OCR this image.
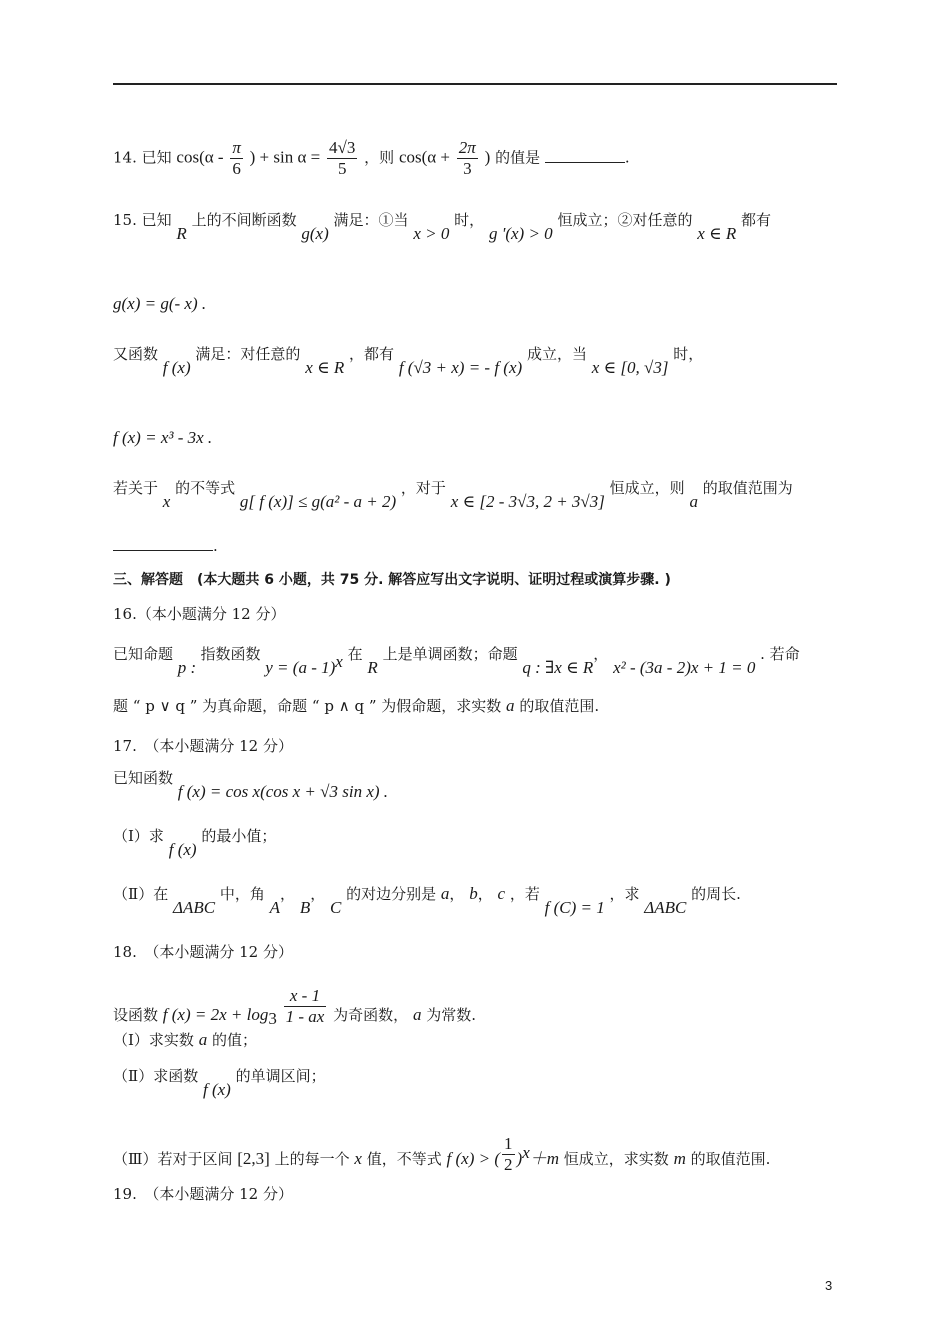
14. 已知 $\cos(\alpha - \frac{\pi}{6}$ ) + $\sin \alpha = \frac{4√3}{5}$ ，则 $\cos(\alpha + \frac{2\pi}{3}$ ) 的值是	.
15. 已知 R 上的不间断函数 g(x) 满足：①当 x > 0 时， g '(x) > 0 恒成立；②对任意的 x ∈ R 都有
g(x) = g(- x) .
又函数 f (x) 满足：对任意的 x ∈ R ，都有 f (√3 + x) = - f (x) 成立，当 x ∈ [0, √3] 时，
f (x) = x³ - 3x .
若关于 x 的不等式 g[ f (x)] ≤ g(a² - a + 2) ，对于 x ∈ [2 - 3√3, 2 + 3√3] 恒成立，则 a 的取值范围为
.
三、解答题　(本大题共 6 小题，共 75 分. 解答应写出文字说明、证明过程或演算步骤. )
16.（本小题满分 12 分）
已知命题 p : 指数函数 y = (a - 1)$^x$ 在 R 上是单调函数；命题 q : ∃x ∈ R， x² - (3a - 2)x + 1 = 0 . 若命
题 “ p ∨ q ” 为真命题，命题 “ p ∧ q ” 为假命题，求实数 a 的取值范围.
17.　（本小题满分 12 分）
已知函数 f (x) = cos x(cos x + √3 sin x) .
（Ⅰ）求 f (x) 的最小值；
（Ⅱ）在 ΔABC 中，角 A， B， C 的对边分别是 a， b， c ，若 f (C) = 1 ，求 ΔABC 的周长.
18.　（本小题满分 12 分）
设函数 f $(x) = 2x + \log_3 \frac{x - 1}{1 - ax}$ 为奇函数， a 为常数.
（Ⅰ）求实数 a 的值；
（Ⅱ）求函数 f (x) 的单调区间；
（Ⅲ）若对于区间 [2,3] 上的每一个 x 值，不等式 f (x) > ( $\frac{1}{2} )^x+m$ 恒成立，求实数 m 的取值范围.
19.　（本小题满分 12 分）
3
